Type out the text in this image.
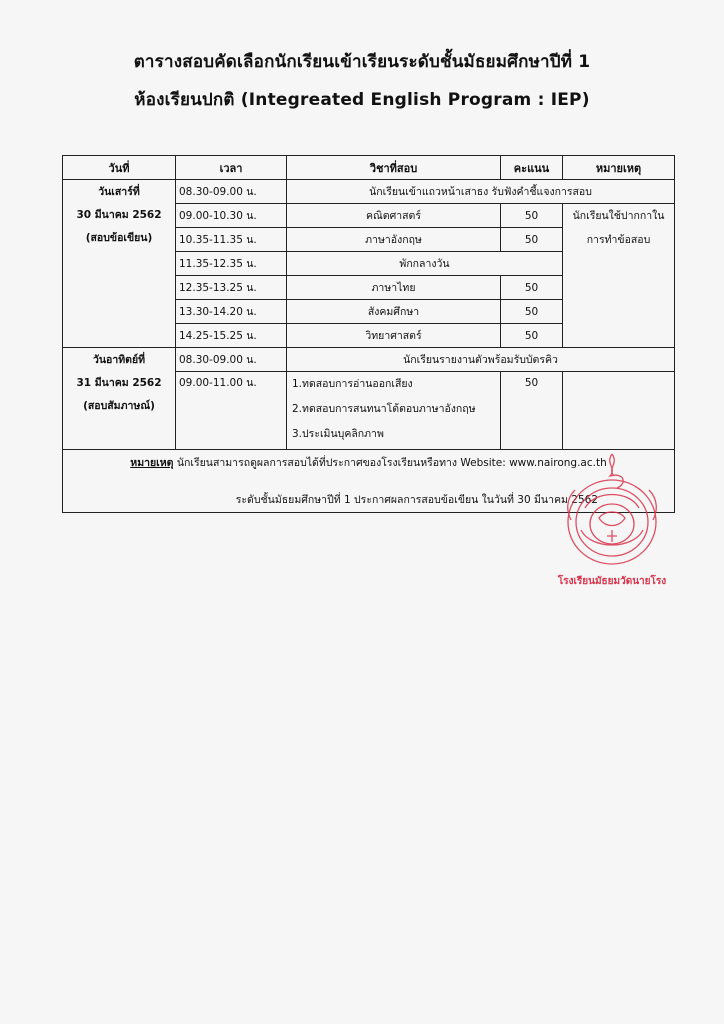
ตารางสอบคัดเลือกนักเรียนเข้าเรียนระดับชั้นมัธยมศึกษาปีที่ 1
ห้องเรียนปกติ (Integreated English Program : IEP)
วันที่	เวลา	วิชาที่สอบ	คะแนน	หมายเหตุ

วันเสาร์ที่
30 มีนาคม 2562
(สอบข้อเขียน)	08.30-09.00 น.	นักเรียนเข้าแถวหน้าเสาธง รับฟังคำชี้แจงการสอบ		
	09.00-10.30 น.	คณิตศาสตร์	50	นักเรียนใช้ปากกาใน การทำข้อสอบ
	10.35-11.35 น.	ภาษาอังกฤษ	50	
	11.35-12.35 น.	พักกลางวัน		
	12.35-13.25 น.	ภาษาไทย	50	
	13.30-14.20 น.	สังคมศึกษา	50	
	14.25-15.25 น.	วิทยาศาสตร์	50	

วันอาทิตย์ที่
31 มีนาคม 2562
(สอบสัมภาษณ์)	08.30-09.00 น.	นักเรียนรายงานตัวพร้อมรับบัตรคิว		
	09.00-11.00 น.	1.ทดสอบการอ่านออกเสียง
2.ทดสอบการสนทนาโต้ตอบภาษาอังกฤษ
3.ประเมินบุคลิกภาพ	50	

หมายเหตุ นักเรียนสามารถดูผลการสอบได้ที่ประกาศของโรงเรียนหรือทาง Website: www.nairong.ac.th
ระดับชั้นมัธยมศึกษาปีที่ 1 ประกาศผลการสอบข้อเขียน ในวันที่ 30 มีนาคม 2562				
โรงเรียนมัธยมวัดนายโรง
